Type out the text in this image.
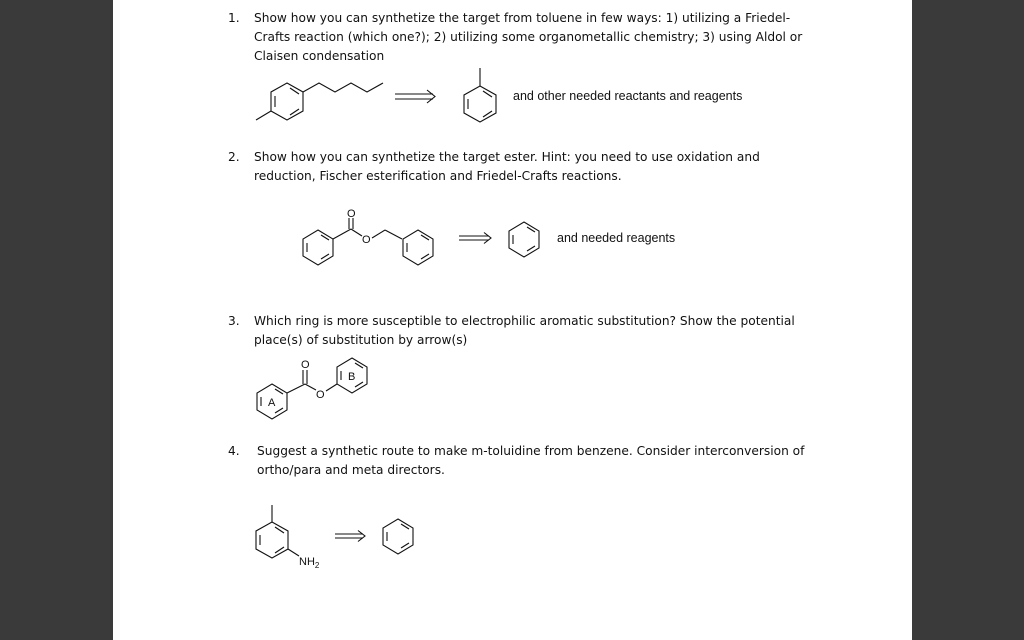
1.	Show how you can synthetize the target from toluene in few ways: 1) utilizing a Friedel-Crafts reaction (which one?); 2) utilizing some organometallic chemistry; 3) using Aldol or Claisen condensation
and other needed reactants and reagents
2.	Show how you can synthetize the target ester. Hint: you need to use oxidation and reduction, Fischer esterification and Friedel-Crafts reactions.
and needed reagents
3.	Which ring is more susceptible to electrophilic aromatic substitution? Show the potential place(s) of substitution by arrow(s)
4.	Suggest a synthetic route to make m-toluidine from benzene. Consider interconversion of ortho/para and meta directors.
O
O
A
O
O
B
$NH_2$
